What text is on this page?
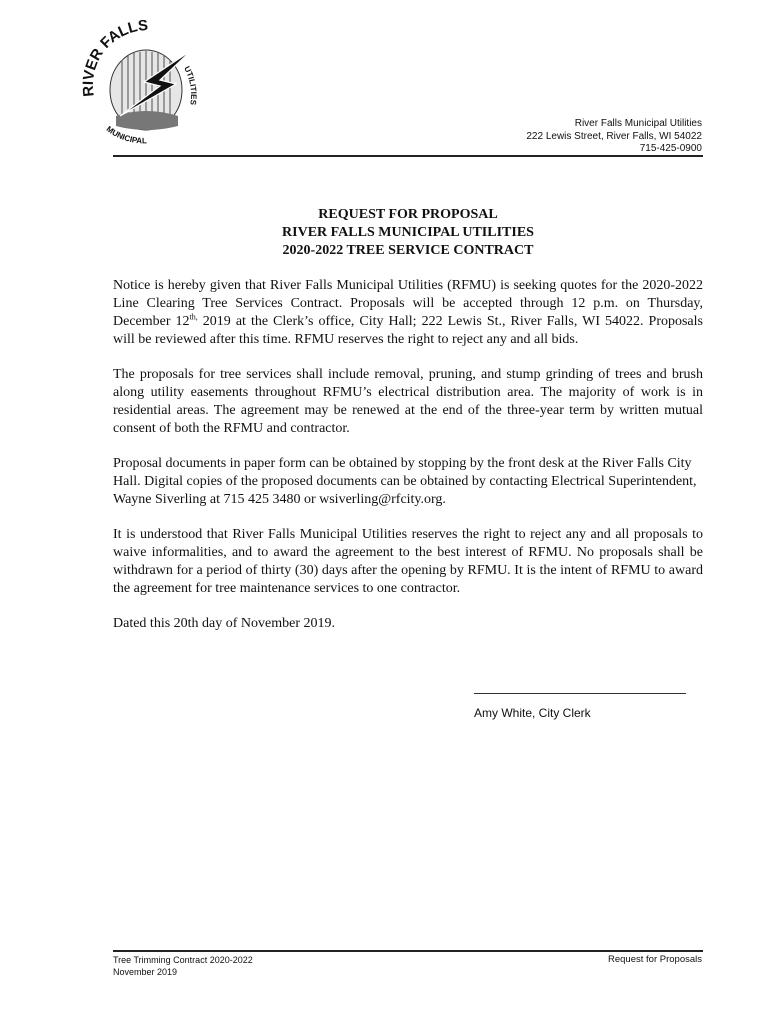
RIVER FALLS
UTILITIES
MUNICIPAL
River Falls Municipal Utilities
222 Lewis Street, River Falls, WI 54022
715-425-0900
REQUEST FOR PROPOSAL
RIVER FALLS MUNICIPAL UTILITIES
2020-2022 TREE SERVICE CONTRACT

Notice is hereby given that River Falls Municipal Utilities (RFMU) is seeking quotes for the 2020-2022 Line Clearing Tree Services Contract. Proposals will be accepted through 12 p.m. on Thursday, December $12^{th,}$ 2019 at the Clerk’s office, City Hall; 222 Lewis St., River Falls, WI 54022. Proposals will be reviewed after this time. RFMU reserves the right to reject any and all bids.

The proposals for tree services shall include removal, pruning, and stump grinding of trees and brush along utility easements throughout RFMU’s electrical distribution area. The majority of work is in residential areas. The agreement may be renewed at the end of the three-year term by written mutual consent of both the RFMU and contractor.

Proposal documents in paper form can be obtained by stopping by the front desk at the River Falls City Hall. Digital copies of the proposed documents can be obtained by contacting Electrical Superintendent, Wayne Siverling at 715 425 3480 or wsiverling@rfcity.org.

It is understood that River Falls Municipal Utilities reserves the right to reject any and all proposals to waive informalities, and to award the agreement to the best interest of RFMU. No proposals shall be withdrawn for a period of thirty (30) days after the opening by RFMU. It is the intent of RFMU to award the agreement for tree maintenance services to one contractor.

Dated this 20th day of November 2019.

Amy White, City Clerk
Tree Trimming Contract 2020-2022
November 2019
Request for Proposals
